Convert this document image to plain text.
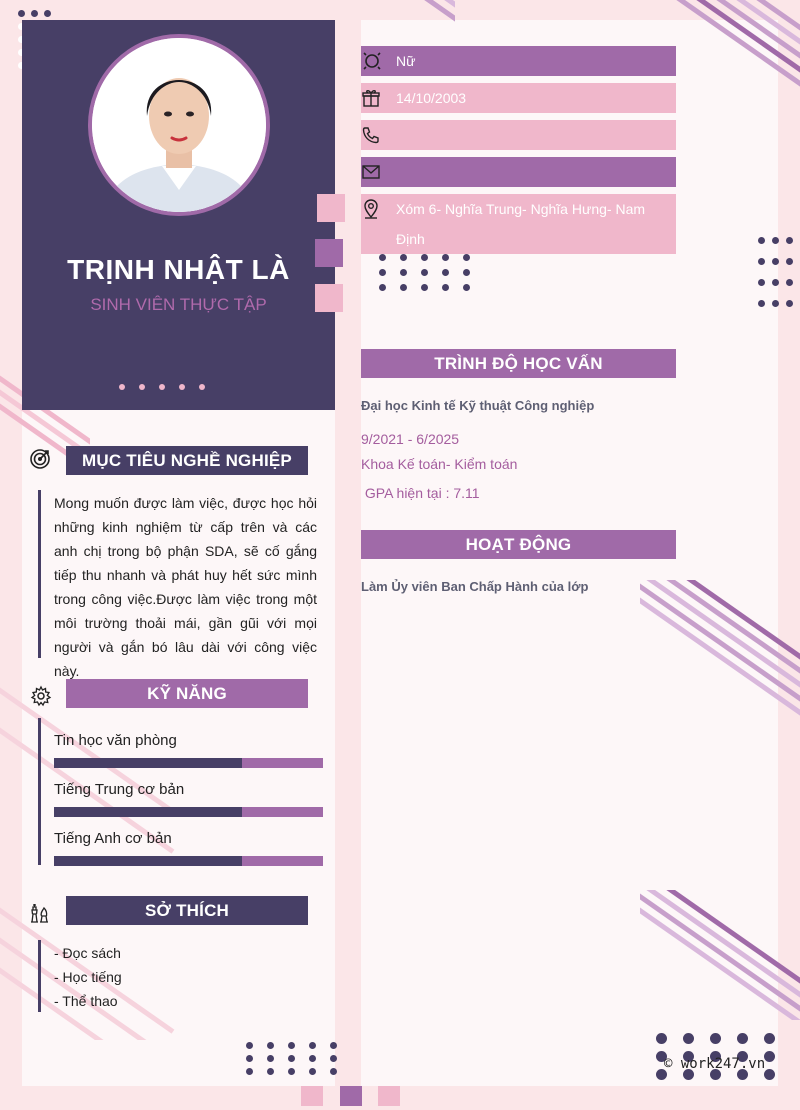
TRỊNH NHẬT LÀ
SINH VIÊN THỰC TẬP
Nữ
14/10/2003
Xóm 6- Nghĩa Trung- Nghĩa Hưng- Nam Định
TRÌNH ĐỘ HỌC VẤN
Đại học Kinh tế Kỹ thuật Công nghiệp
9/2021 - 6/2025
Khoa Kế toán- Kiểm toán
GPA hiện tại : 7.11
HOẠT ĐỘNG
Làm Ủy viên Ban Chấp Hành của lớp
MỤC TIÊU NGHỀ NGHIỆP
Mong muốn được làm việc, được học hỏi những kinh nghiệm từ cấp trên và các anh chị trong bộ phận SDA, sẽ cố gắng tiếp thu nhanh và phát huy hết sức mình trong công việc.Được làm việc trong một môi trường thoải mái, gần gũi với mọi người và gắn bó lâu dài với công việc này.
KỸ NĂNG
Tin học văn phòng
Tiếng Trung cơ bản
Tiếng Anh cơ bản
SỞ THÍCH
- Đọc sách
- Học tiếng
- Thể thao
© work247.vn
